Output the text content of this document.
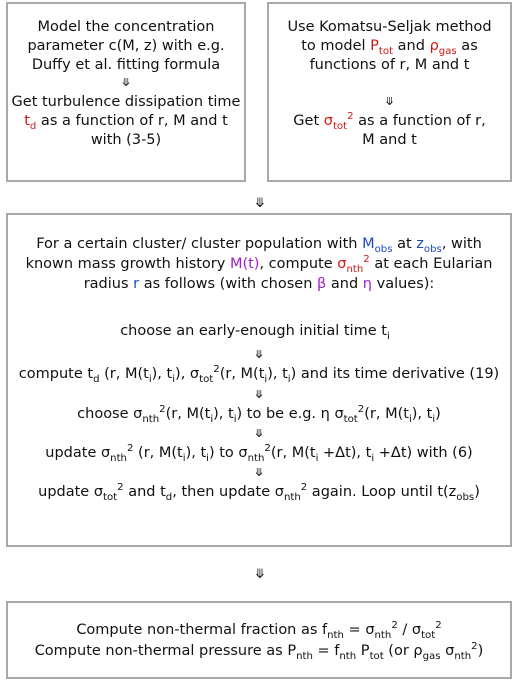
Model the concentration
parameter c(M, z) with e.g.
Duffy et al. fitting formula
⤋
Get turbulence dissipation time
$t_d$ as a function of r, M and t
with (3-5)
Use Komatsu-Seljak method
to model $P_{tot}$ and $\rho_{gas}$ as
functions of r, M and t
⤋
Get $\sigma_{tot}^2$ as a function of r,
M and t
⤋
For a certain cluster/ cluster population with $M_{obs}$ at $z_{obs}$, with
known mass growth history M(t), compute $\sigma_{nth}^2$ at each Eularian
radius r as follows (with chosen β and η values):
choose an early-enough initial time $t_i$
⤋
compute $t_d$ (r, $M(t_i)$, $t_i$), $\sigma_{tot}^2(r$, $M(t_i)$, $t_i$) and its time derivative (19)
⤋
choose $\sigma_{nth}^2(r$, $M(t_i)$, $t_i$) to be e.g. η $\sigma_{tot}^2(r$, $M(t_i)$, $t_i$)
⤋
update $\sigma_{nth}^2$ (r, $M(t_i)$, $t_i$) to $\sigma_{nth}^2(r$, $M(t_i +\Delta t)$, $t_i +\Delta t$) with (6)
⤋
update $\sigma_{tot}^2$ and $t_d$, then update $\sigma_{nth}^2$ again. Loop until $t(z_{obs})$
⤋
Compute non-thermal fraction as $f_{nth} = \sigma_{nth}^2 / \sigma_{tot}^2$
Compute non-thermal pressure as $P_{nth} = f_{nth}$ $P_{tot}$ (or $\rho_{gas}$ $\sigma_{nth}^2$)
